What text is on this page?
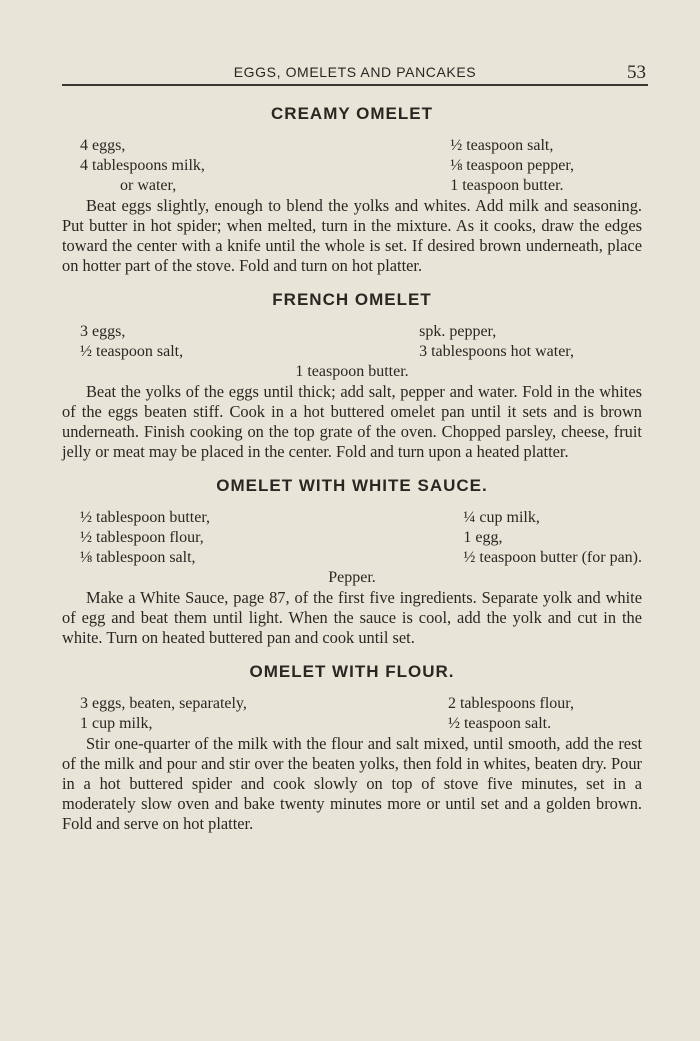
EGGS, OMELETS AND PANCAKES	53
CREAMY OMELET
4 eggs,
4 tablespoons milk,
or water,
½ teaspoon salt,
⅛ teaspoon pepper,
1 teaspoon butter.

Beat eggs slightly, enough to blend the yolks and whites. Add milk and seasoning. Put butter in hot spider; when melted, turn in the mixture. As it cooks, draw the edges toward the center with a knife until the whole is set. If desired brown underneath, place on hotter part of the stove. Fold and turn on hot platter.

FRENCH OMELET
3 eggs,
½ teaspoon salt,
spk. pepper,
3 tablespoons hot water,
1 teaspoon butter.

Beat the yolks of the eggs until thick; add salt, pepper and water. Fold in the whites of the eggs beaten stiff. Cook in a hot buttered omelet pan until it sets and is brown underneath. Finish cooking on the top grate of the oven. Chopped parsley, cheese, fruit jelly or meat may be placed in the center. Fold and turn upon a heated platter.

OMELET WITH WHITE SAUCE.
½ tablespoon butter,
½ tablespoon flour,
⅛ tablespoon salt,
¼ cup milk,
1 egg,
½ teaspoon butter (for pan).
Pepper.

Make a White Sauce, page 87, of the first five ingredients. Separate yolk and white of egg and beat them until light. When the sauce is cool, add the yolk and cut in the white. Turn on heated buttered pan and cook until set.

OMELET WITH FLOUR.
3 eggs, beaten, separately,
1 cup milk,
2 tablespoons flour,
½ teaspoon salt.

Stir one-quarter of the milk with the flour and salt mixed, until smooth, add the rest of the milk and pour and stir over the beaten yolks, then fold in whites, beaten dry. Pour in a hot buttered spider and cook slowly on top of stove five minutes, set in a moderately slow oven and bake twenty minutes more or until set and a golden brown. Fold and serve on hot platter.
